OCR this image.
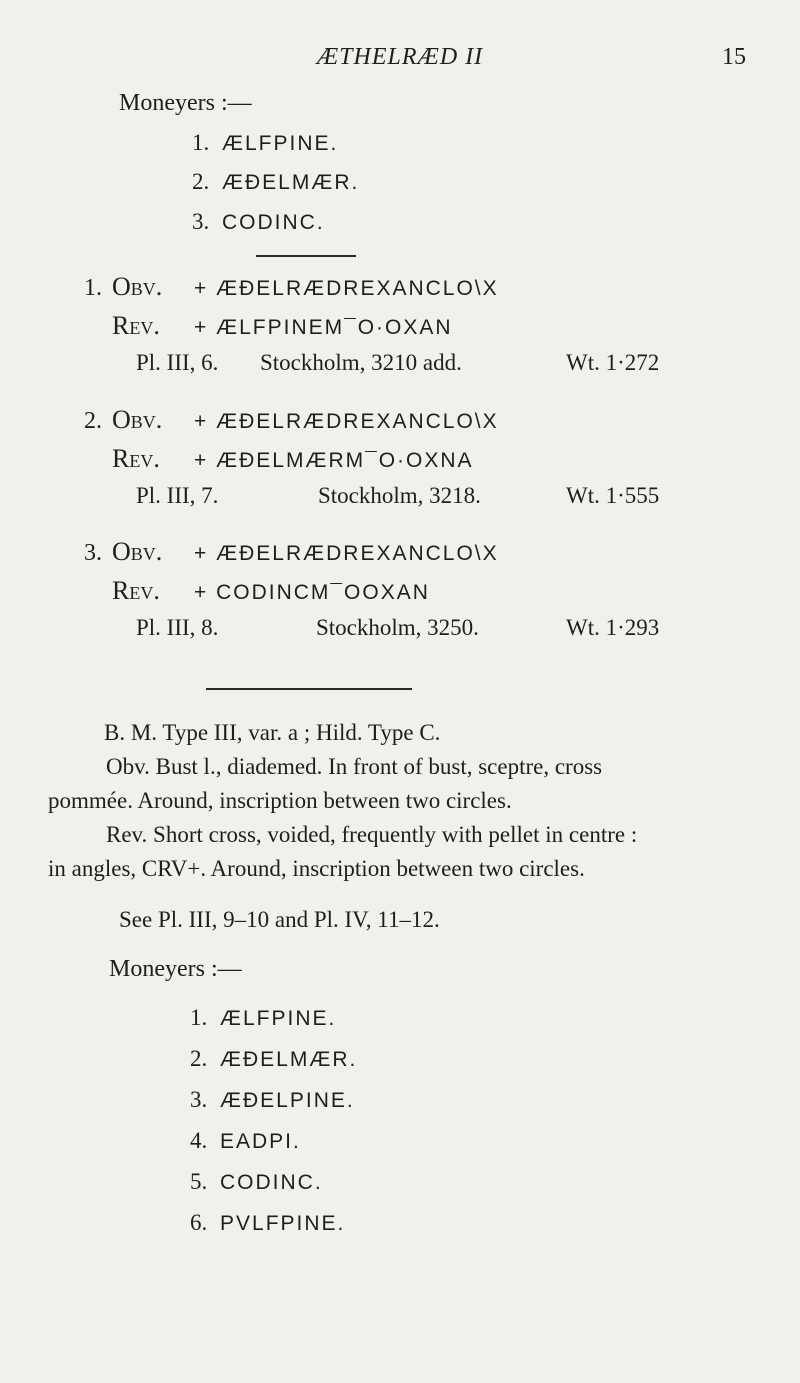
ÆTHELRÆD II	15
Moneyers :—
1. ÆLFPINE.
2. ÆÐELMÆR.
3. CODINC.
1. Obv. + ÆÐELRÆDREXANCLO\X
Rev. + ÆLFPINEM¯O·OXAN
Pl. III, 6. Stockholm, 3210 add.	Wt. 1·272
2. Obv. + ÆÐELRÆDREXANCLO\X
Rev. + ÆÐELMÆRM¯O·OXNA
Pl. III, 7.	Stockholm, 3218.	Wt. 1·555
3. Obv. + ÆÐELRÆDREXANCLO\X
Rev. + CODINCM¯OOXAN
Pl. III, 8.	Stockholm, 3250.	Wt. 1·293
B. M. Type III, var. a ; Hild. Type C.
Obv. Bust l., diademed. In front of bust, sceptre, cross
pommée. Around, inscription between two circles.
Rev. Short cross, voided, frequently with pellet in centre :
in angles, CRV+. Around, inscription between two circles.
See Pl. III, 9–10 and Pl. IV, 11–12.
Moneyers :—
1. ÆLFPINE.
2. ÆÐELMÆR.
3. ÆÐELPINE.
4. EADPI.
5. CODINC.
6. PVLFPINE.
